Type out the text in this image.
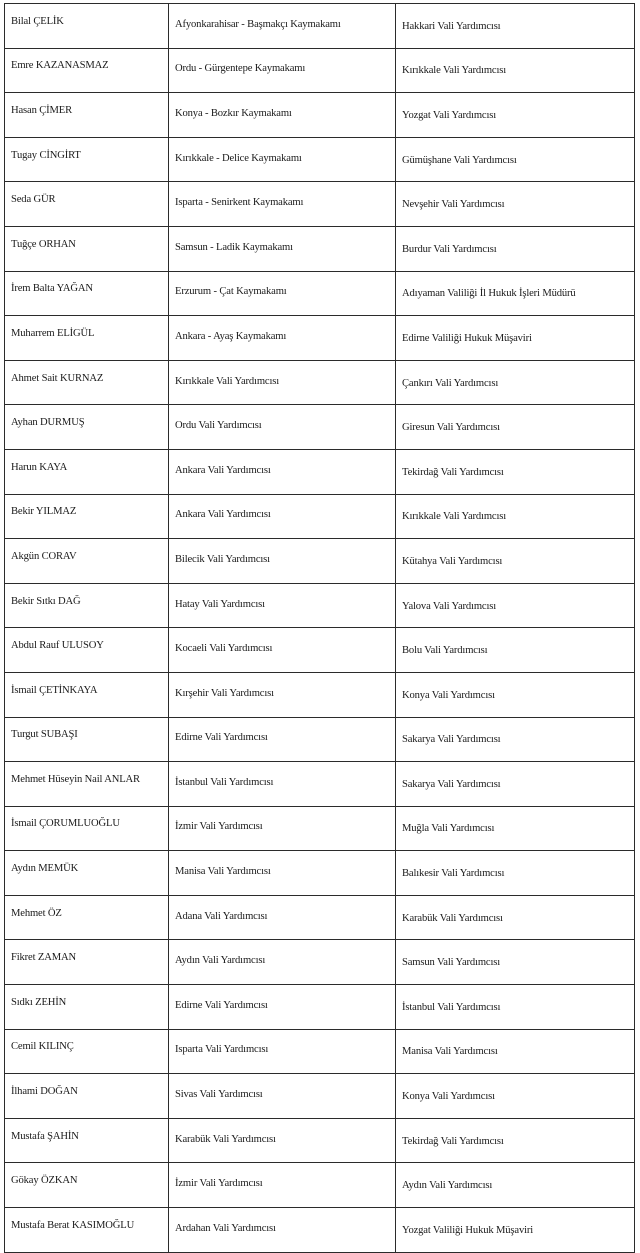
Bilal ÇELİK	Afyonkarahisar - Başmakçı Kaymakamı	Hakkari Vali Yardımcısı
Emre KAZANASMAZ	Ordu - Gürgentepe Kaymakamı	Kırıkkale Vali Yardımcısı
Hasan ÇİMER	Konya - Bozkır Kaymakamı	Yozgat Vali Yardımcısı
Tugay CİNGİRT	Kırıkkale - Delice Kaymakamı	Gümüşhane Vali Yardımcısı
Seda GÜR	Isparta - Senirkent Kaymakamı	Nevşehir Vali Yardımcısı
Tuğçe ORHAN	Samsun - Ladik Kaymakamı	Burdur Vali Yardımcısı
İrem Balta YAĞAN	Erzurum - Çat Kaymakamı	Adıyaman Valiliği İl Hukuk İşleri Müdürü
Muharrem ELİGÜL	Ankara - Ayaş Kaymakamı	Edirne Valiliği Hukuk Müşaviri
Ahmet Sait KURNAZ	Kırıkkale Vali Yardımcısı	Çankırı Vali Yardımcısı
Ayhan DURMUŞ	Ordu Vali Yardımcısı	Giresun Vali Yardımcısı
Harun KAYA	Ankara Vali Yardımcısı	Tekirdağ Vali Yardımcısı
Bekir YILMAZ	Ankara Vali Yardımcısı	Kırıkkale Vali Yardımcısı
Akgün CORAV	Bilecik Vali Yardımcısı	Kütahya Vali Yardımcısı
Bekir Sıtkı DAĞ	Hatay Vali Yardımcısı	Yalova Vali Yardımcısı
Abdul Rauf ULUSOY	Kocaeli Vali Yardımcısı	Bolu Vali Yardımcısı
İsmail ÇETİNKAYA	Kırşehir Vali Yardımcısı	Konya Vali Yardımcısı
Turgut SUBAŞI	Edirne Vali Yardımcısı	Sakarya Vali Yardımcısı
Mehmet Hüseyin Nail ANLAR	İstanbul Vali Yardımcısı	Sakarya Vali Yardımcısı
İsmail ÇORUMLUOĞLU	İzmir Vali Yardımcısı	Muğla Vali Yardımcısı
Aydın MEMÜK	Manisa Vali Yardımcısı	Balıkesir Vali Yardımcısı
Mehmet ÖZ	Adana Vali Yardımcısı	Karabük Vali Yardımcısı
Fikret ZAMAN	Aydın Vali Yardımcısı	Samsun Vali Yardımcısı
Sıdkı ZEHİN	Edirne Vali Yardımcısı	İstanbul Vali Yardımcısı
Cemil KILINÇ	Isparta Vali Yardımcısı	Manisa Vali Yardımcısı
İlhami DOĞAN	Sivas Vali Yardımcısı	Konya Vali Yardımcısı
Mustafa ŞAHİN	Karabük Vali Yardımcısı	Tekirdağ Vali Yardımcısı
Gökay ÖZKAN	İzmir Vali Yardımcısı	Aydın Vali Yardımcısı
Mustafa Berat KASIMOĞLU	Ardahan Vali Yardımcısı	Yozgat Valiliği Hukuk Müşaviri
